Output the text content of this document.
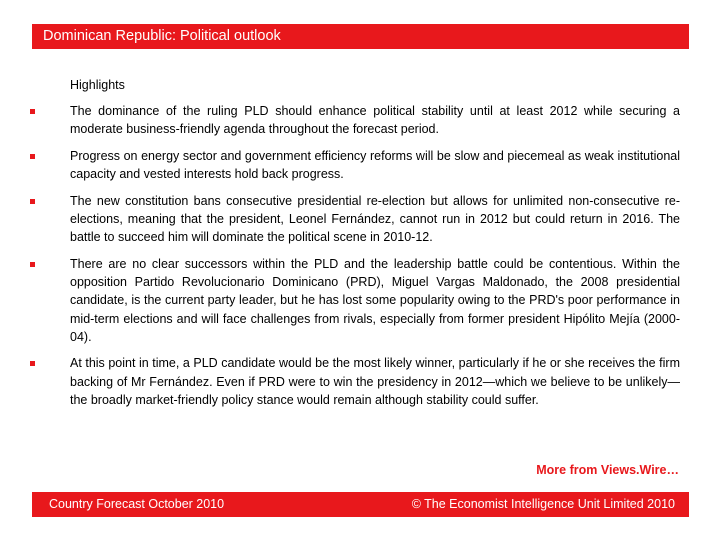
Dominican Republic: Political outlook
Highlights
The dominance of the ruling PLD should enhance political stability until at least 2012 while securing a moderate business-friendly agenda throughout the forecast period.
Progress on energy sector and government efficiency reforms will be slow and piecemeal as weak institutional capacity and vested interests hold back progress.
The new constitution bans consecutive presidential re-election but allows for unlimited non-consecutive re-elections, meaning that the president, Leonel Fernández, cannot run in 2012 but could return in 2016. The battle to succeed him will dominate the political scene in 2010-12.
There are no clear successors within the PLD and the leadership battle could be contentious. Within the opposition Partido Revolucionario Dominicano (PRD), Miguel Vargas Maldonado, the 2008 presidential candidate, is the current party leader, but he has lost some popularity owing to the PRD's poor performance in mid-term elections and will face challenges from rivals, especially from former president Hipólito Mejía (2000-04).
At this point in time, a PLD candidate would be the most likely winner, particularly if he or she receives the firm backing of Mr Fernández. Even if PRD were to win the presidency in 2012—which we believe to be unlikely—the broadly market-friendly policy stance would remain although stability could suffer.
More from Views.Wire…
Country Forecast October 2010	© The Economist Intelligence Unit Limited 2010
